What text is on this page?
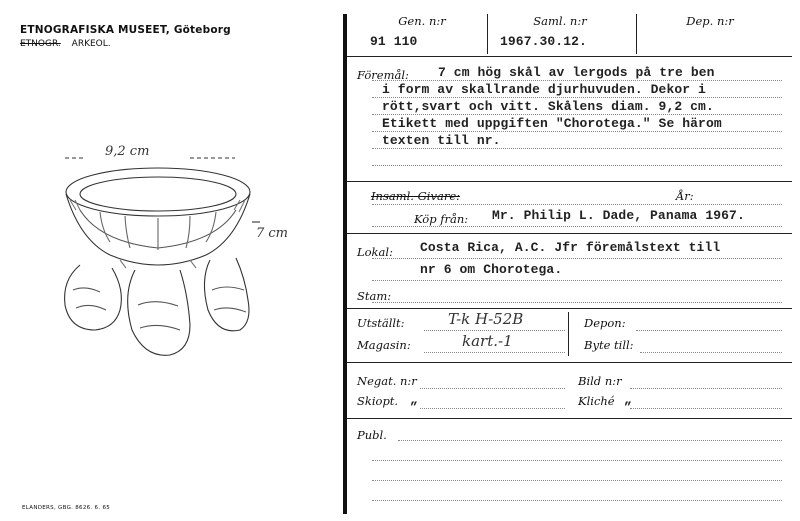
ETNOGRAFISKA MUSEET, Göteborg
ETNOGR. ARKEOL.
9,2 cm
7 cm
ELANDERS, GBG. 8626. 6. 65
Gen. n:r
91 110
Saml. n:r
1967.30.12.
Dep. n:r
Föremål: 7 cm hög skål av lergods på tre ben
i form av skallrande djurhuvuden. Dekor i
rött,svart och vitt. Skålens diam. 9,2 cm.
Etikett med uppgiften "Chorotega." Se härom
texten till nr.
Insaml. Givare:	År:
Köp från: Mr. Philip L. Dade, Panama 1967.
Lokal: Costa Rica, A.C. Jfr föremålstext till
nr 6 om Chorotega.
Stam:
Utställt:	T-k H-52B
Magasin:	kart.-1
Depon:
Byte till:
Negat. n:r	Bild n:r
Skiopt. „	Kliché „
Publ.
